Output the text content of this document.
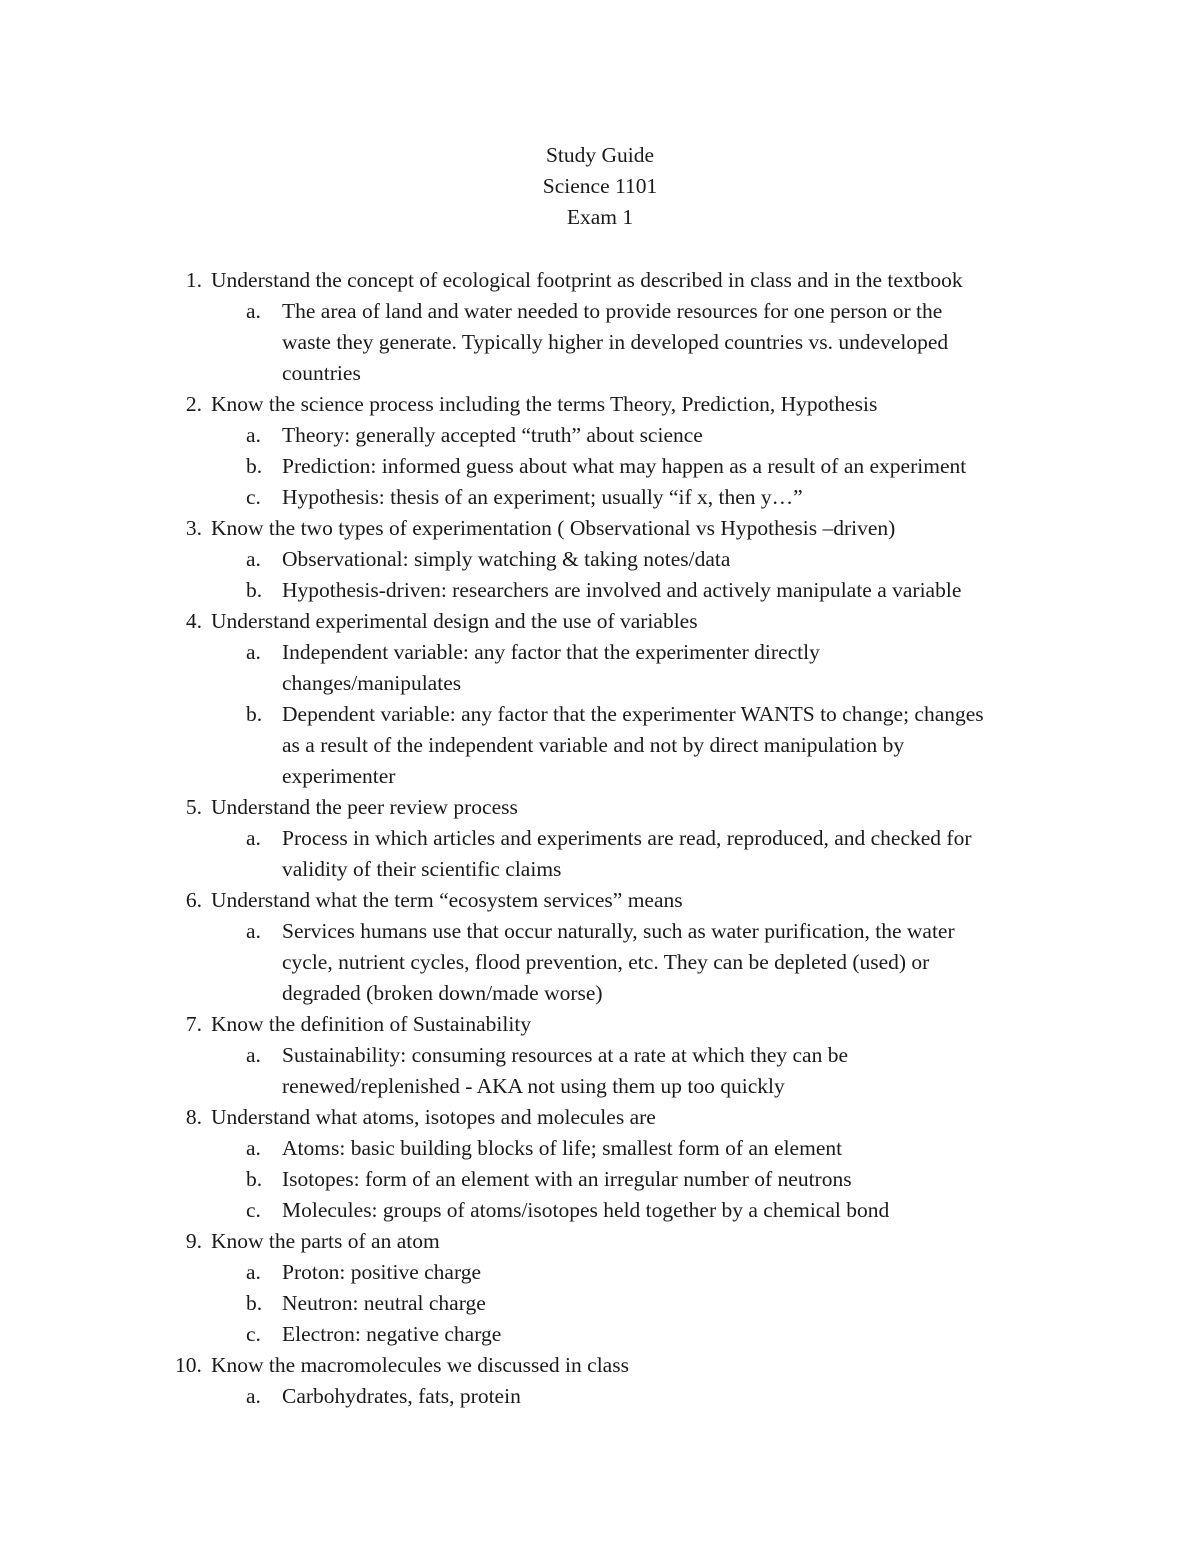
Study Guide
Science 1101
Exam 1
1. Understand the concept of ecological footprint as described in class and in the textbook
a. The area of land and water needed to provide resources for one person or the
waste they generate. Typically higher in developed countries vs. undeveloped
countries
2. Know the science process including the terms Theory, Prediction, Hypothesis
a. Theory: generally accepted “truth” about science
b. Prediction: informed guess about what may happen as a result of an experiment
c. Hypothesis: thesis of an experiment; usually “if x, then y…”
3. Know the two types of experimentation ( Observational vs Hypothesis –driven)
a. Observational: simply watching & taking notes/data
b. Hypothesis-driven: researchers are involved and actively manipulate a variable
4. Understand experimental design and the use of variables
a. Independent variable: any factor that the experimenter directly
changes/manipulates
b. Dependent variable: any factor that the experimenter WANTS to change; changes
as a result of the independent variable and not by direct manipulation by
experimenter
5. Understand the peer review process
a. Process in which articles and experiments are read, reproduced, and checked for
validity of their scientific claims
6. Understand what the term “ecosystem services” means
a. Services humans use that occur naturally, such as water purification, the water
cycle, nutrient cycles, flood prevention, etc. They can be depleted (used) or
degraded (broken down/made worse)
7. Know the definition of Sustainability
a. Sustainability: consuming resources at a rate at which they can be
renewed/replenished - AKA not using them up too quickly
8. Understand what atoms, isotopes and molecules are
a. Atoms: basic building blocks of life; smallest form of an element
b. Isotopes: form of an element with an irregular number of neutrons
c. Molecules: groups of atoms/isotopes held together by a chemical bond
9. Know the parts of an atom
a. Proton: positive charge
b. Neutron: neutral charge
c. Electron: negative charge
10. Know the macromolecules we discussed in class
a. Carbohydrates, fats, protein
